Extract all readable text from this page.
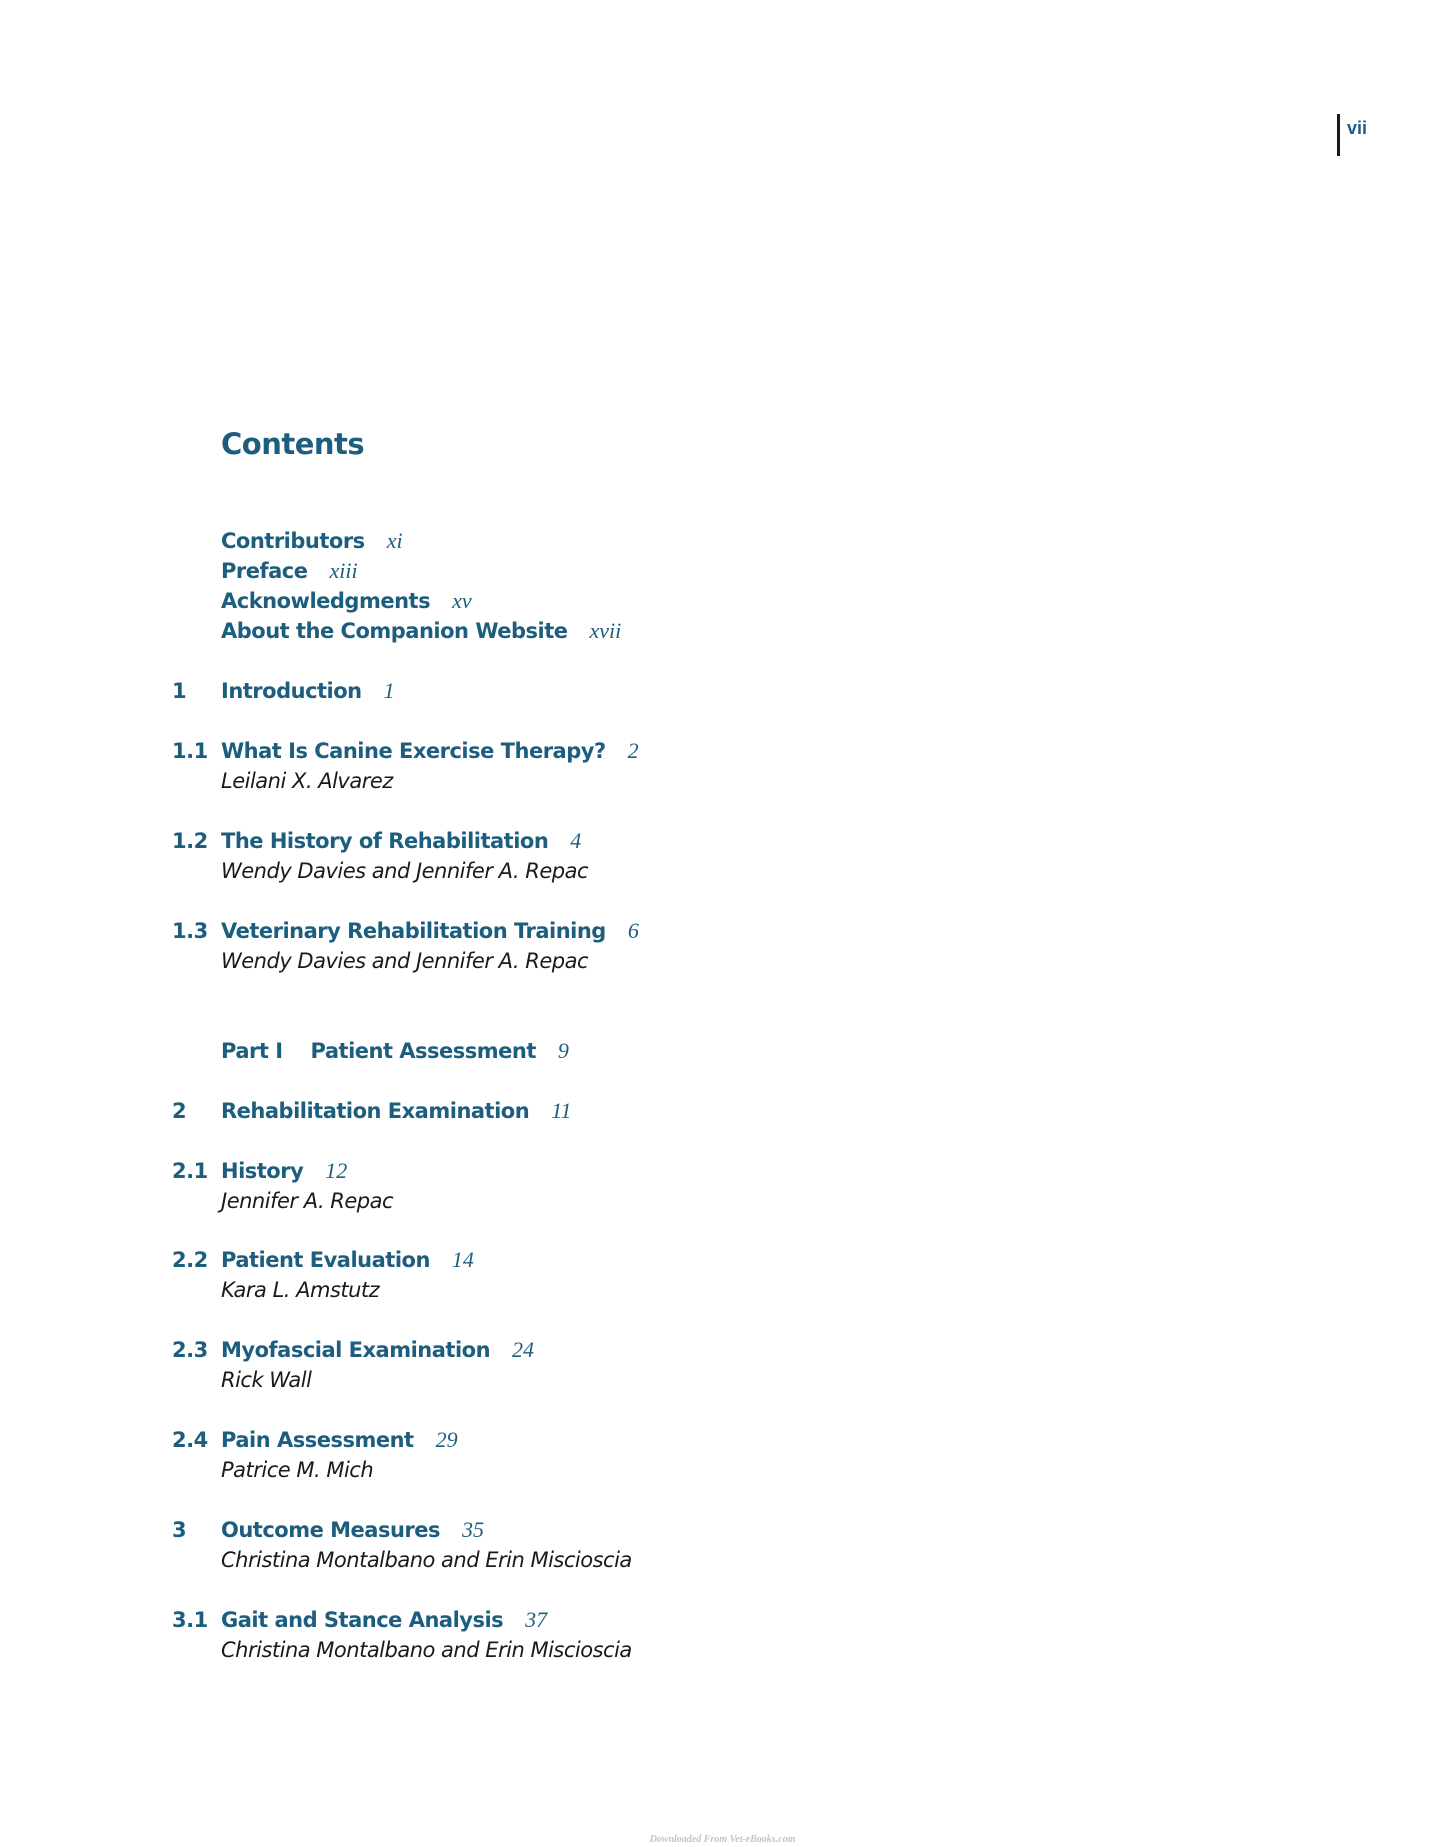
vii
Contents
Contributors xi
Preface xiii
Acknowledgments xv
About the Companion Website xvii
1	Introduction 1
1.1 What Is Canine Exercise Therapy? 2
Leilani X. Alvarez
1.2 The History of Rehabilitation 4
Wendy Davies and Jennifer A. Repac
1.3 Veterinary Rehabilitation Training 6
Wendy Davies and Jennifer A. Repac
Part I Patient Assessment 9
2	Rehabilitation Examination 11
2.1 History 12
Jennifer A. Repac
2.2 Patient Evaluation 14
Kara L. Amstutz
2.3 Myofascial Examination 24
Rick Wall
2.4 Pain Assessment 29
Patrice M. Mich
3	Outcome Measures 35
Christina Montalbano and Erin Miscioscia
3.1 Gait and Stance Analysis 37
Christina Montalbano and Erin Miscioscia
Downloaded From Vet-eBooks.com
